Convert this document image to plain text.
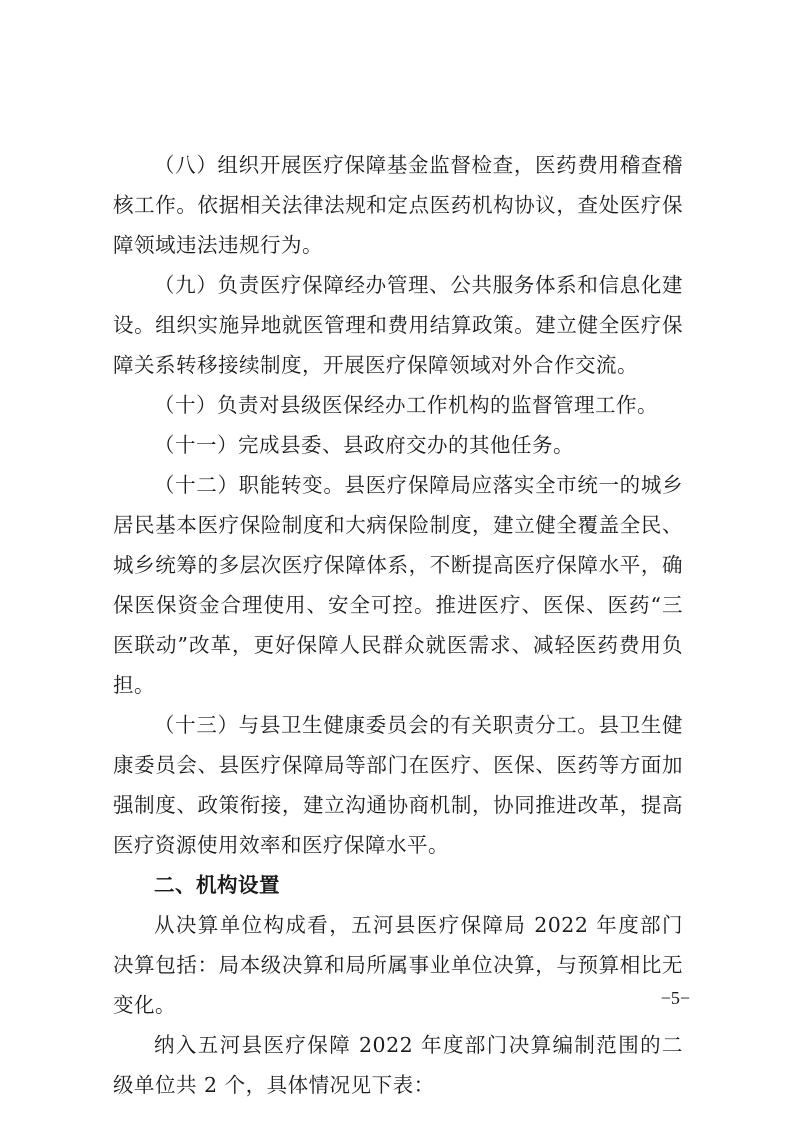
（八）组织开展医疗保障基金监督检查，医药费用稽查稽核工作。依据相关法律法规和定点医药机构协议，查处医疗保障领域违法违规行为。

（九）负责医疗保障经办管理、公共服务体系和信息化建设。组织实施异地就医管理和费用结算政策。建立健全医疗保障关系转移接续制度，开展医疗保障领域对外合作交流。

（十）负责对县级医保经办工作机构的监督管理工作。

（十一）完成县委、县政府交办的其他任务。

（十二）职能转变。县医疗保障局应落实全市统一的城乡居民基本医疗保险制度和大病保险制度，建立健全覆盖全民、城乡统筹的多层次医疗保障体系，不断提高医疗保障水平，确保医保资金合理使用、安全可控。推进医疗、医保、医药“三医联动”改革，更好保障人民群众就医需求、减轻医药费用负担。

（十三）与县卫生健康委员会的有关职责分工。县卫生健康委员会、县医疗保障局等部门在医疗、医保、医药等方面加强制度、政策衔接，建立沟通协商机制，协同推进改革，提高医疗资源使用效率和医疗保障水平。

二、机构设置

从决算单位构成看，五河县医疗保障局 2022 年度部门决算包括：局本级决算和局所属事业单位决算，与预算相比无变化。

纳入五河县医疗保障 2022 年度部门决算编制范围的二级单位共 2 个，具体情况见下表：

−5−
